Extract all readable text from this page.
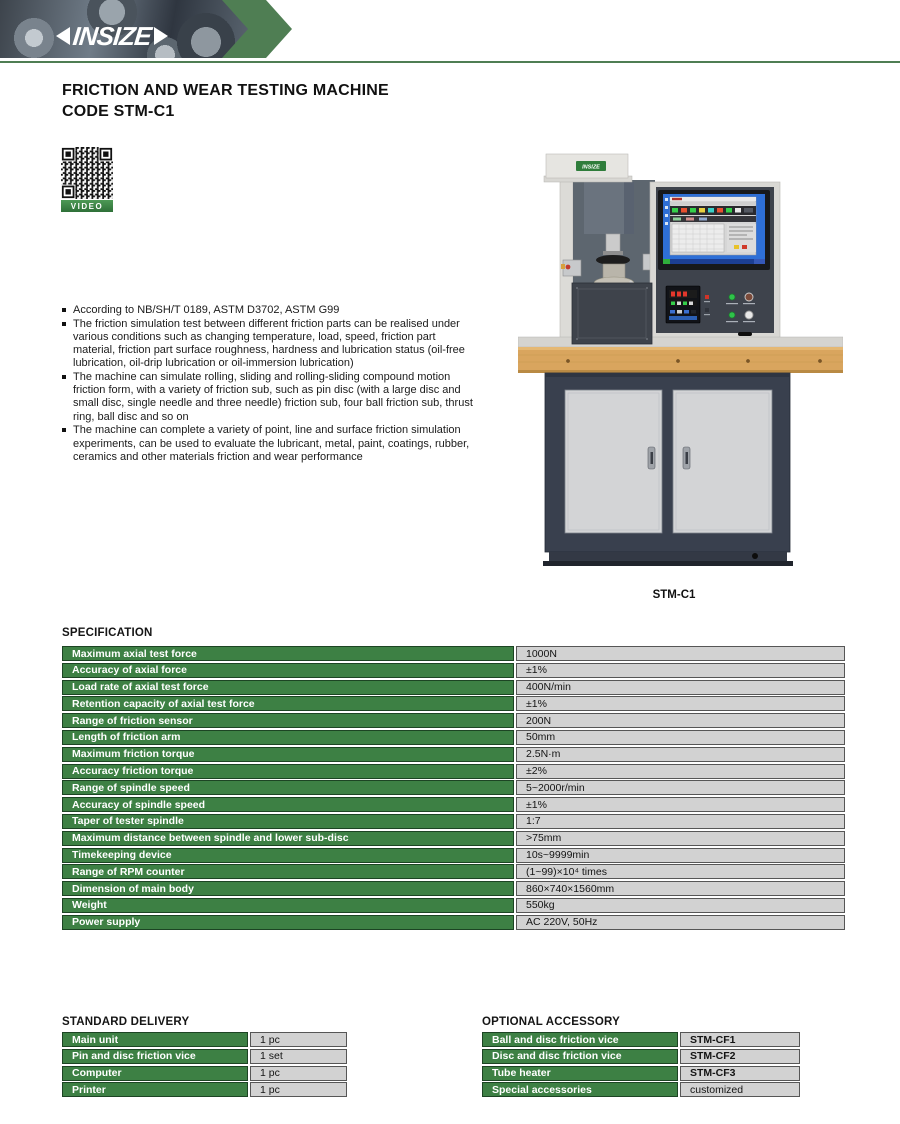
INSIZE
FRICTION AND WEAR TESTING MACHINE
CODE STM-C1
VIDEO
According to NB/SH/T 0189, ASTM D3702, ASTM G99
The friction simulation test between different friction parts can be realised under various conditions such as changing temperature, load, speed, friction part material, friction part surface roughness, hardness and lubrication status (oil-free lubrication, oil-drip lubrication or oil-immersion lubrication)
The machine can simulate rolling, sliding and rolling-sliding compound motion friction form, with a variety of friction sub, such as pin disc (with a large disc and small disc, single needle and three needle) friction sub, four ball friction sub, thrust ring, ball disc and so on
The machine can complete a variety of point, line and surface friction simulation experiments, can be used to evaluate the lubricant, metal, paint, coatings, rubber, ceramics and other materials friction and wear performance
INSIZE
STM-C1
SPECIFICATION
Maximum axial test force	1000N
Accuracy of axial force	±1%
Load rate of axial test force	400N/min
Retention capacity of axial test force	±1%
Range of friction sensor	200N
Length of friction arm	50mm
Maximum friction torque	2.5N·m
Accuracy friction torque	±2%
Range of spindle speed	5~2000r/min
Accuracy of spindle speed	±1%
Taper of tester spindle	1:7
Maximum distance between spindle and lower sub-disc	>75mm
Timekeeping device	10s~9999min
Range of RPM counter	(1~99)×10⁴ times
Dimension of main body	860×740×1560mm
Weight	550kg
Power supply	AC 220V, 50Hz
STANDARD DELIVERY
Main unit	1 pc
Pin and disc friction vice	1 set
Computer	1 pc
Printer	1 pc
OPTIONAL ACCESSORY
Ball and disc friction vice	STM-CF1
Disc and disc friction vice	STM-CF2
Tube heater	STM-CF3
Special accessories	customized
